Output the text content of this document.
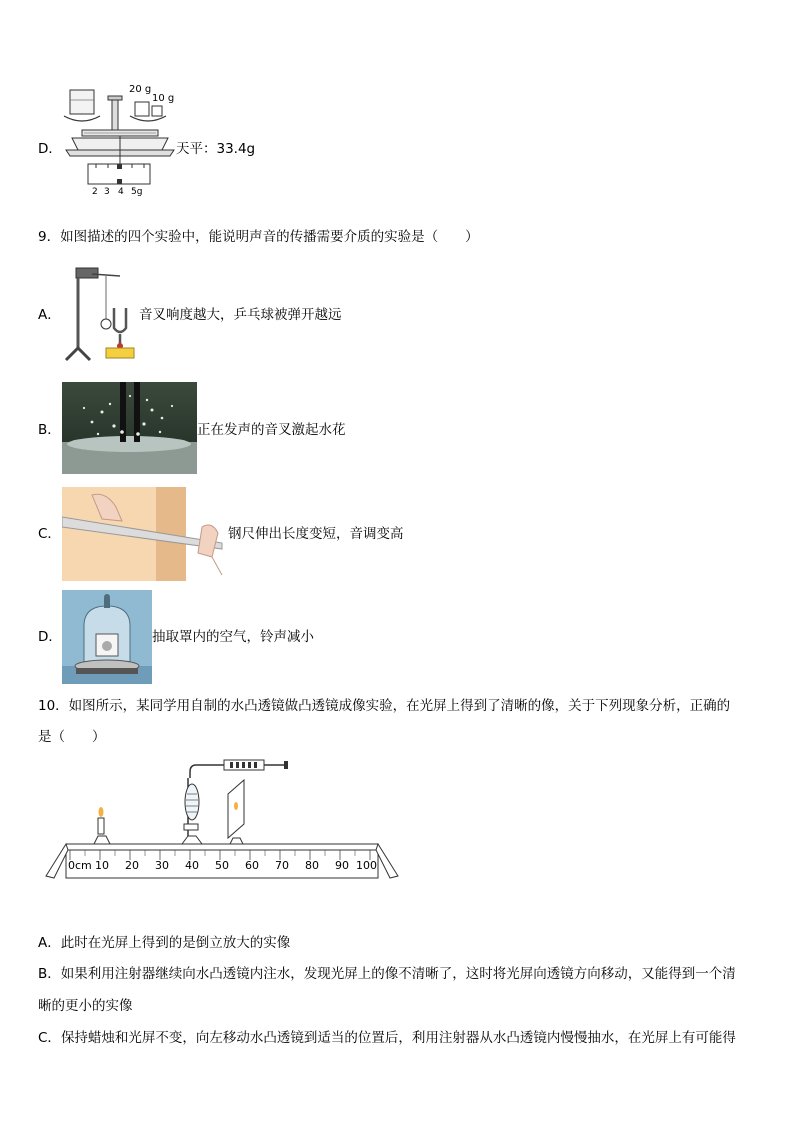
D．
20 g
10 g
2 3 4 5g
天平：33.4g
9．如图描述的四个实验中，能说明声音的传播需要介质的实验是（　　）
A．	音叉响度越大，乒乓球被弹开越远
B．	正在发声的音叉激起水花
C．	钢尺伸出长度变短，音调变高
D．	抽取罩内的空气，铃声减小
10．如图所示，某同学用自制的水凸透镜做凸透镜成像实验，在光屏上得到了清晰的像，关于下列现象分析，正确的
是（　　）
0cm 10 20 30 40 50 60 70 80 90 100
A．此时在光屏上得到的是倒立放大的实像
B．如果利用注射器继续向水凸透镜内注水，发现光屏上的像不清晰了，这时将光屏向透镜方向移动，又能得到一个清
晰的更小的实像
C．保持蜡烛和光屏不变，向左移动水凸透镜到适当的位置后，利用注射器从水凸透镜内慢慢抽水，在光屏上有可能得
